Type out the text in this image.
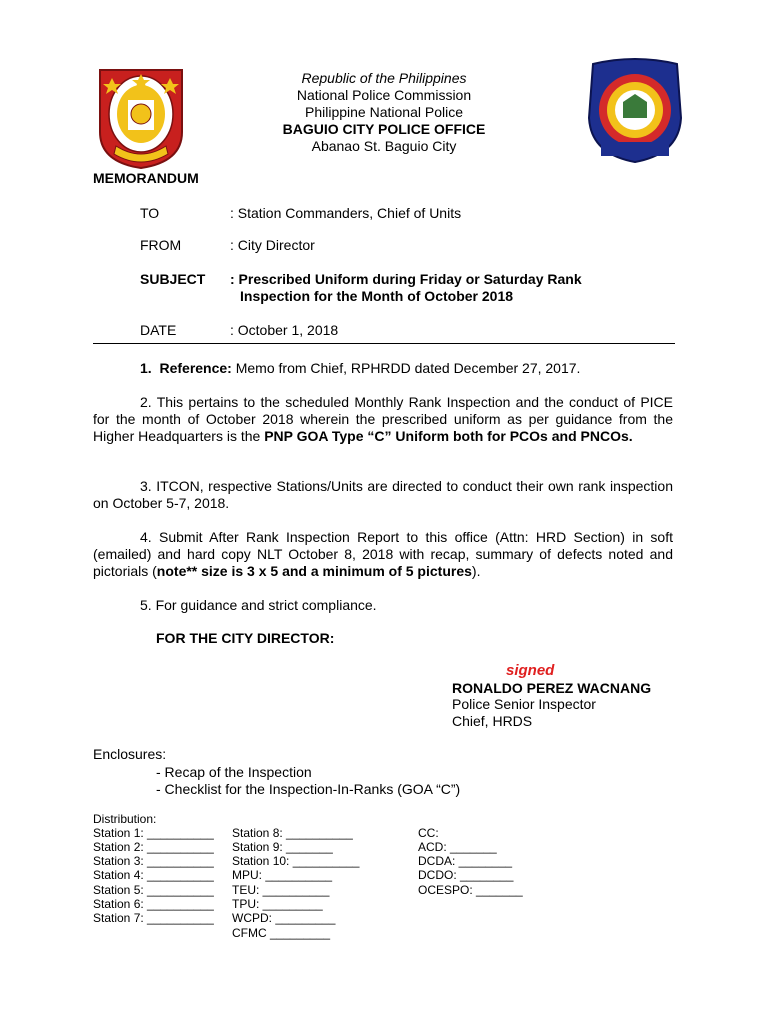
Republic of the Philippines
National Police Commission
Philippine National Police
BAGUIO CITY POLICE OFFICE
Abanao St. Baguio City
MEMORANDUM
TO	: Station Commanders, Chief of Units
FROM	: City Director
SUBJECT : Prescribed Uniform during Friday or Saturday Rank
Inspection for the Month of October 2018
DATE	: October 1, 2018
1. Reference: Memo from Chief, RPHRDD dated December 27, 2017.
2. This pertains to the scheduled Monthly Rank Inspection and the conduct of PICE for the month of October 2018 wherein the prescribed uniform as per guidance from the Higher Headquarters is the PNP GOA Type “C” Uniform both for PCOs and PNCOs.
3. ITCON, respective Stations/Units are directed to conduct their own rank inspection on October 5-7, 2018.
4. Submit After Rank Inspection Report to this office (Attn: HRD Section) in soft (emailed) and hard copy NLT October 8, 2018 with recap, summary of defects noted and pictorials (note** size is 3 x 5 and a minimum of 5 pictures).
5. For guidance and strict compliance.
FOR THE CITY DIRECTOR:
signed
RONALDO PEREZ WACNANG
Police Senior Inspector
Chief, HRDS
Enclosures:
- Recap of the Inspection
- Checklist for the Inspection-In-Ranks (GOA “C”)
Distribution:
Station 1: __________
Station 2: __________
Station 3: __________
Station 4: __________
Station 5: __________
Station 6: __________
Station 7: __________
Station 8: __________
Station 9: _______
Station 10: __________
MPU: __________
TEU: __________
TPU: _________
WCPD: _________
CFMC _________
CC:
ACD: _______
DCDA: ________
DCDO: ________
OCESPO: _______
